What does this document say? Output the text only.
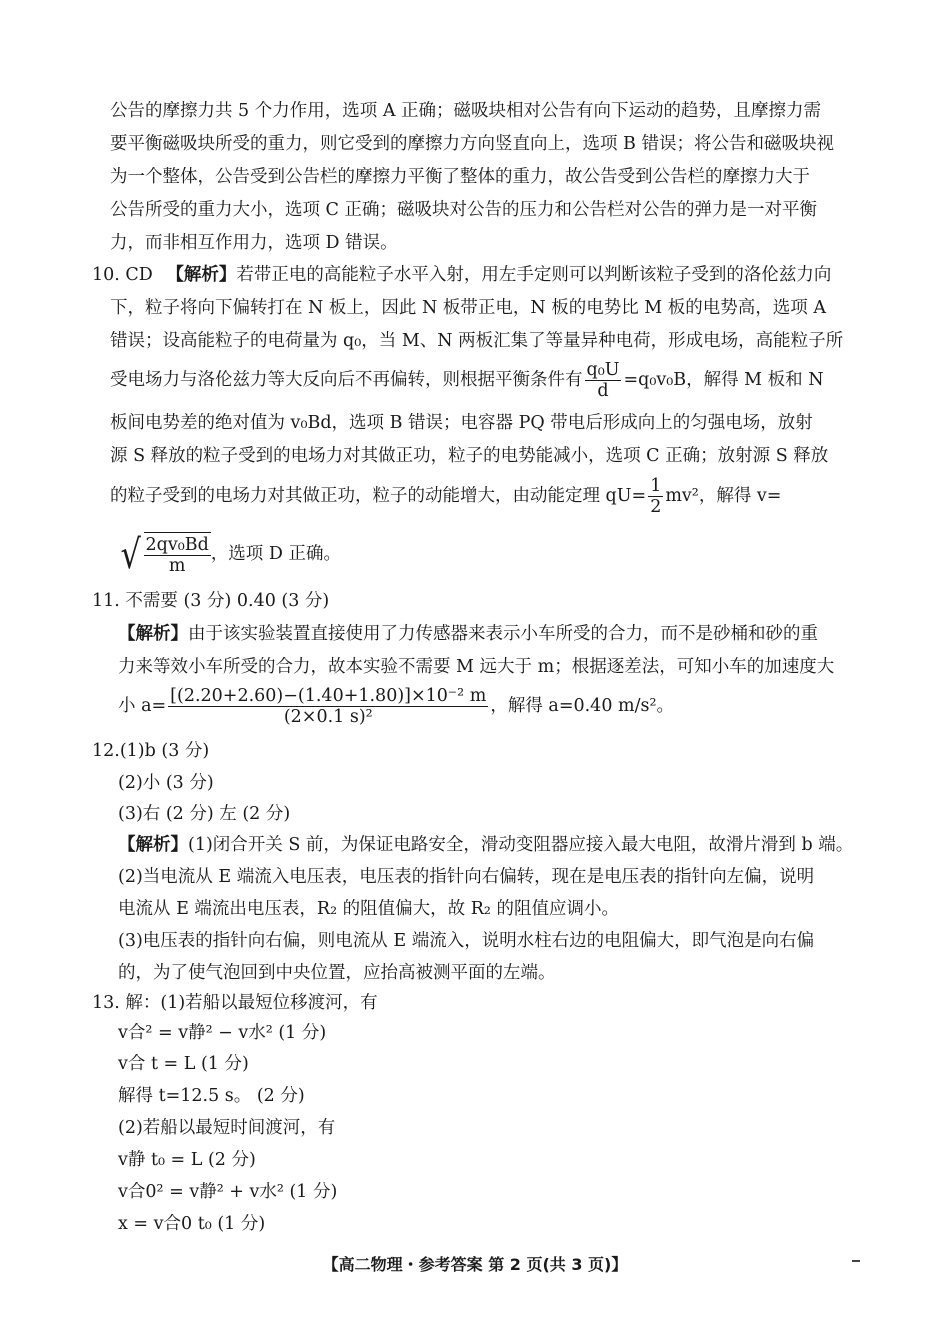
公告的摩擦力共 5 个力作用，选项 A 正确；磁吸块相对公告有向下运动的趋势，且摩擦力需
要平衡磁吸块所受的重力，则它受到的摩擦力方向竖直向上，选项 B 错误；将公告和磁吸块视
为一个整体，公告受到公告栏的摩擦力平衡了整体的重力，故公告受到公告栏的摩擦力大于
公告所受的重力大小，选项 C 正确；磁吸块对公告的压力和公告栏对公告的弹力是一对平衡
力，而非相互作用力，选项 D 错误。
10. CD 【解析】若带正电的高能粒子水平入射，用左手定则可以判断该粒子受到的洛伦兹力向
下，粒子将向下偏转打在 N 板上，因此 N 板带正电，N 板的电势比 M 板的电势高，选项 A
错误；设高能粒子的电荷量为 q₀，当 M、N 两板汇集了等量异种电荷，形成电场，高能粒子所
受电场力与洛伦兹力等大反向后不再偏转，则根据平衡条件有 $\frac{\text{q₀U}}{d} =q_0v_0B$，解得 M 板和 N
板间电势差的绝对值为 v₀Bd，选项 B 错误；电容器 PQ 带电后形成向上的匀强电场，放射
源 S 释放的粒子受到的电场力对其做正功，粒子的电势能减小，选项 C 正确；放射源 S 释放
的粒子受到的电场力对其做正功，粒子的动能增大，由动能定理 $qU= \frac{1}{2} mv^2$，解得 v=
√ $\frac{\text{2qv₀Bd}}{m}$ ，选项 D 正确。
11. 不需要 (3 分) 0.40 (3 分)
【解析】由于该实验装置直接使用了力传感器来表示小车所受的合力，而不是砂桶和砂的重
力来等效小车所受的合力，故本实验不需要 M 远大于 m；根据逐差法，可知小车的加速度大
小 $a= \frac{\text{[(2.20+2.60)−(1.40+1.80)]×10⁻² m}}{\text{(2×0.1 s)²}}$ ，解得 a=0.40 m/s²。
12.(1)b (3 分)
(2)小 (3 分)
(3)右 (2 分) 左 (2 分)
【解析】(1)闭合开关 S 前，为保证电路安全，滑动变阻器应接入最大电阻，故滑片滑到 b 端。
(2)当电流从 E 端流入电压表，电压表的指针向右偏转，现在是电压表的指针向左偏，说明
电流从 E 端流出电压表，R₂ 的阻值偏大，故 R₂ 的阻值应调小。
(3)电压表的指针向右偏，则电流从 E 端流入，说明水柱右边的电阻偏大，即气泡是向右偏
的，为了使气泡回到中央位置，应抬高被测平面的左端。
13. 解：(1)若船以最短位移渡河，有
v合² = v静² − v水² (1 分)
v合 t = L (1 分)
解得 t=12.5 s。 (2 分)
(2)若船以最短时间渡河，有
v静 t₀ = L (2 分)
v合0² = v静² + v水² (1 分)
x = v合0 t₀ (1 分)
【高二物理・参考答案 第 2 页(共 3 页)】
